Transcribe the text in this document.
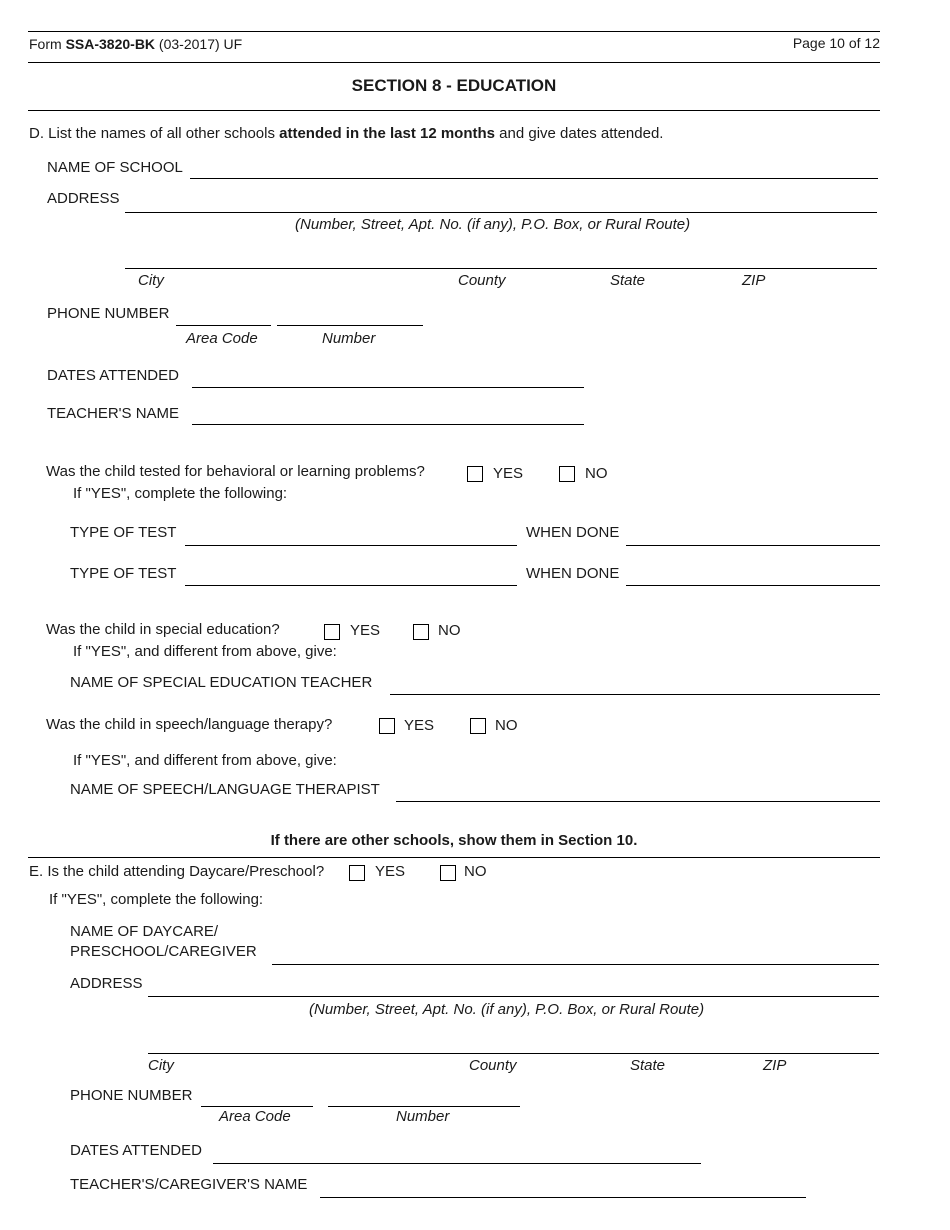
Form SSA-3820-BK (03-2017) UF	Page 10 of 12
SECTION 8 - EDUCATION
D. List the names of all other schools attended in the last 12 months and give dates attended.
NAME OF SCHOOL
ADDRESS
(Number, Street, Apt. No. (if any), P.O. Box, or Rural Route)
City	County	State	ZIP
PHONE NUMBER
Area Code	Number
DATES ATTENDED
TEACHER'S NAME
Was the child tested for behavioral or learning problems?	YES	NO
If "YES", complete the following:
TYPE OF TEST	WHEN DONE
TYPE OF TEST	WHEN DONE
Was the child in special education?	YES	NO
If "YES", and different from above, give:
NAME OF SPECIAL EDUCATION TEACHER
Was the child in speech/language therapy?	YES	NO
If "YES", and different from above, give:
NAME OF SPEECH/LANGUAGE THERAPIST
If there are other schools, show them in Section 10.
E. Is the child attending Daycare/Preschool?	YES	NO
If "YES", complete the following:
NAME OF DAYCARE/
PRESCHOOL/CAREGIVER
ADDRESS
(Number, Street, Apt. No. (if any), P.O. Box, or Rural Route)
City	County	State	ZIP
PHONE NUMBER
Area Code	Number
DATES ATTENDED
TEACHER'S/CAREGIVER'S NAME
